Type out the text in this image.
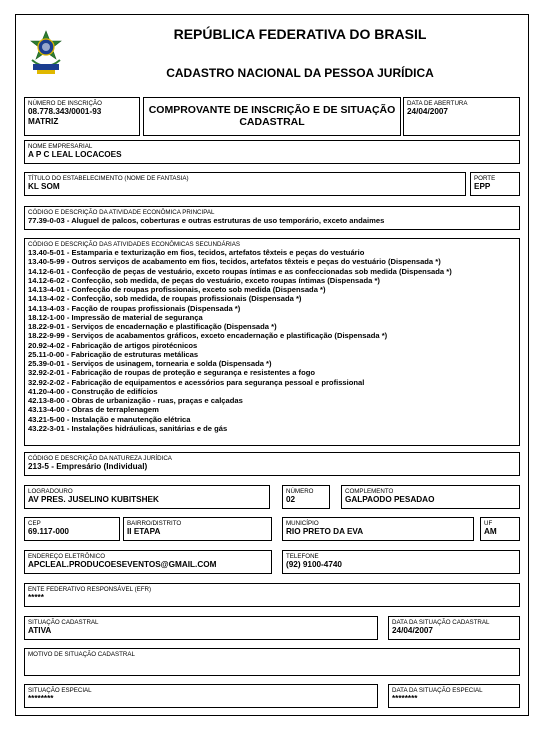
REPÚBLICA FEDERATIVA DO BRASIL
CADASTRO NACIONAL DA PESSOA JURÍDICA
NÚMERO DE INSCRIÇÃO
08.778.343/0001-93
MATRIZ
COMPROVANTE DE INSCRIÇÃO E DE SITUAÇÃO CADASTRAL
DATA DE ABERTURA
24/04/2007
NOME EMPRESARIAL
A P C LEAL LOCACOES
TÍTULO DO ESTABELECIMENTO (NOME DE FANTASIA)
KL SOM
PORTE
EPP
CÓDIGO E DESCRIÇÃO DA ATIVIDADE ECONÔMICA PRINCIPAL
77.39-0-03 - Aluguel de palcos, coberturas e outras estruturas de uso temporário, exceto andaimes
CÓDIGO E DESCRIÇÃO DAS ATIVIDADES ECONÔMICAS SECUNDÁRIAS
13.40-5-01 - Estamparia e texturização em fios, tecidos, artefatos têxteis e peças do vestuário
13.40-5-99 - Outros serviços de acabamento em fios, tecidos, artefatos têxteis e peças do vestuário (Dispensada *)
14.12-6-01 - Confecção de peças de vestuário, exceto roupas íntimas e as confeccionadas sob medida (Dispensada *)
14.12-6-02 - Confecção, sob medida, de peças do vestuário, exceto roupas íntimas (Dispensada *)
14.13-4-01 - Confecção de roupas profissionais, exceto sob medida (Dispensada *)
14.13-4-02 - Confecção, sob medida, de roupas profissionais (Dispensada *)
14.13-4-03 - Facção de roupas profissionais (Dispensada *)
18.12-1-00 - Impressão de material de segurança
18.22-9-01 - Serviços de encadernação e plastificação (Dispensada *)
18.22-9-99 - Serviços de acabamentos gráficos, exceto encadernação e plastificação (Dispensada *)
20.92-4-02 - Fabricação de artigos pirotécnicos
25.11-0-00 - Fabricação de estruturas metálicas
25.39-0-01 - Serviços de usinagem, tornearia e solda (Dispensada *)
32.92-2-01 - Fabricação de roupas de proteção e segurança e resistentes a fogo
32.92-2-02 - Fabricação de equipamentos e acessórios para segurança pessoal e profissional
41.20-4-00 - Construção de edifícios
42.13-8-00 - Obras de urbanização - ruas, praças e calçadas
43.13-4-00 - Obras de terraplenagem
43.21-5-00 - Instalação e manutenção elétrica
43.22-3-01 - Instalações hidráulicas, sanitárias e de gás
CÓDIGO E DESCRIÇÃO DA NATUREZA JURÍDICA
213-5 - Empresário (Individual)
LOGRADOURO
AV PRES. JUSELINO KUBITSHEK
NÚMERO
02
COMPLEMENTO
GALPAODO PESADAO
CEP
69.117-000
BAIRRO/DISTRITO
II ETAPA
MUNICÍPIO
RIO PRETO DA EVA
UF
AM
ENDEREÇO ELETRÔNICO
APCLEAL.PRODUCOESEVENTOS@GMAIL.COM
TELEFONE
(92) 9100-4740
ENTE FEDERATIVO RESPONSÁVEL (EFR)
*****
SITUAÇÃO CADASTRAL
ATIVA
DATA DA SITUAÇÃO CADASTRAL
24/04/2007
MOTIVO DE SITUAÇÃO CADASTRAL
SITUAÇÃO ESPECIAL
********
DATA DA SITUAÇÃO ESPECIAL
********
